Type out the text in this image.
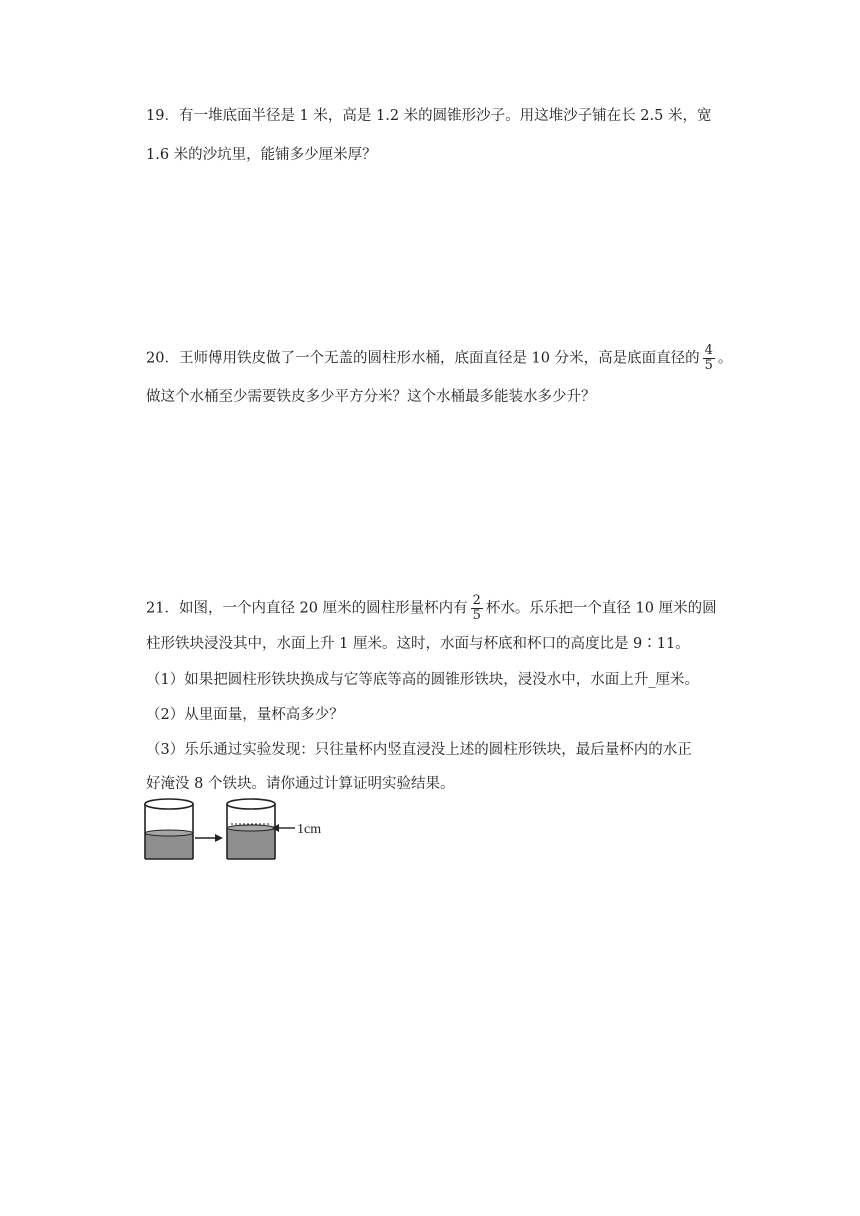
19．有一堆底面半径是 1 米，高是 1.2 米的圆锥形沙子。用这堆沙子铺在长 2.5 米，宽
1.6 米的沙坑里，能铺多少厘米厚？
20．王师傅用铁皮做了一个无盖的圆柱形水桶，底面直径是 10 分米，高是底面直径的 $\frac{4}{5}$ 。
做这个水桶至少需要铁皮多少平方分米？这个水桶最多能装水多少升？
21．如图，一个内直径 20 厘米的圆柱形量杯内有 $\frac{2}{5}$ 杯水。乐乐把一个直径 10 厘米的圆
柱形铁块浸没其中，水面上升 1 厘米。这时，水面与杯底和杯口的高度比是 9∶11。
（1）如果把圆柱形铁块换成与它等底等高的圆锥形铁块，浸没水中，水面上升_厘米。
（2）从里面量，量杯高多少？
（3）乐乐通过实验发现：只往量杯内竖直浸没上述的圆柱形铁块，最后量杯内的水正
好淹没 8 个铁块。请你通过计算证明实验结果。
1cm
